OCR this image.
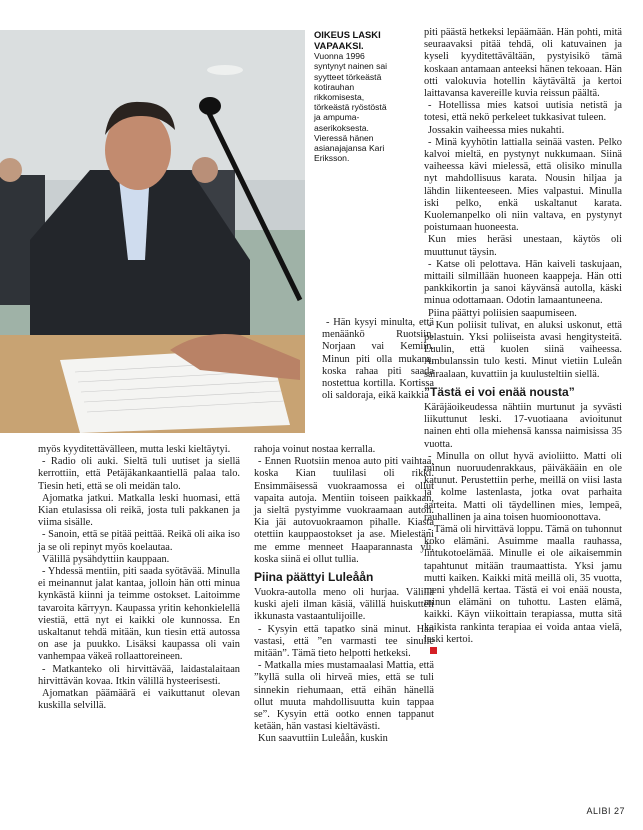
OIKEUS LASKI VAPAAKSI.
Vuonna 1996 syntynyt nainen sai syytteet törkeästä kotirauhan rikkomisesta, törkeästä ryöstöstä ja ampuma-aserikoksesta. Vieressä hänen asianajajansa Kari Eriksson.

- Hän kysyi minulta, että menäänkö Ruotsiin, Norjaan vai Kemiin. Minun piti olla mukana, koska rahaa piti saada nostettua kortilla. Kortissa oli saldoraja, eikä kaikkia

myös kyyditettävälleen, mutta leski kieltäytyi.

- Radio oli auki. Sieltä tuli uutiset ja siellä kerrottiin, että Petäjäkankaantiellä palaa talo. Tiesin heti, että se oli meidän talo.

Ajomatka jatkui. Matkalla leski huomasi, että Kian etulasissa oli reikä, josta tuli pakkanen ja viima sisälle.

- Sanoin, että se pitää peittää. Reikä oli aika iso ja se oli repinyt myös koelautaa.

Välillä pysähdyttiin kauppaan.

- Yhdessä mentiin, piti saada syötävää. Minulla ei meinannut jalat kantaa, jolloin hän otti minua kynkästä kiinni ja teimme ostokset. Laitoimme tavaroita kärryyn. Kaupassa yritin kehonkielellä viestiä, että nyt ei kaikki ole kunnossa. En uskaltanut tehdä mitään, kun tiesin että autossa on ase ja puukko. Lisäksi kaupassa oli vain vanhempaa väkeä rollaattoreineen.

- Matkanteko oli hirvittävää, laidastalaitaan hirvittävän kovaa. Itkin välillä hysteerisesti.

Ajomatkan päämäärä ei vaikuttanut olevan kuskilla selvillä.

rahoja voinut nostaa kerralla.

- Ennen Ruotsiin menoa auto piti vaihtaa, koska Kian tuulilasi oli rikki. Ensimmäisessä vuokraamossa ei ollut vapaita autoja. Mentiin toiseen paikkaan, ja sieltä pystyimme vuokraamaan auton. Kia jäi autovuokraamon pihalle. Kiasta otettiin kauppaostokset ja ase. Mielestäni me emme menneet Haaparannasta yli, koska siinä ei ollut tullia.

Piina päättyi Luleåån

Vuokra-autolla meno oli hurjaa. Välillä kuski ajeli ilman käsiä, välillä huiskutteli ikkunasta vastaantulijoille.

- Kysyin että tapatko sinä minut. Hän vastasi, että ”en varmasti tee sinulle mitään”. Tämä tieto helpotti hetkeksi.

- Matkalla mies mustamaalasi Mattia, että ”kyllä sulla oli hirveä mies, että se tuli sinnekin riehumaan, että eihän hänellä ollut muuta mahdollisuutta kuin tappaa se”. Kysyin että ootko ennen tappanut ketään, hän vastasi kieltävästi.

Kun saavuttiin Luleåån, kuskin

piti päästä hetkeksi lepäämään. Hän pohti, mitä seuraavaksi pitää tehdä, oli katuvainen ja kyseli kyyditettävältään, pystyisikö tämä koskaan antamaan anteeksi hänen tekoaan. Hän otti valokuvia hotellin käytävältä ja kertoi laittavansa kavereille kuvia reissun päältä.

- Hotellissa mies katsoi uutisia netistä ja totesi, että nekö perkeleet tukkasivat tuleen.

Jossakin vaiheessa mies nukahti.

- Minä kyyhötin lattialla seinää vasten. Pelko kalvoi mieltä, en pystynyt nukkumaan. Siinä vaiheessa kävi mielessä, että olisiko minulla nyt mahdollisuus karata. Nousin hiljaa ja lähdin liikenteeseen. Mies valpastui. Minulla iski pelko, enkä uskaltanut karata. Kuolemanpelko oli niin valtava, en pystynyt poistumaan huoneesta.

Kun mies heräsi unestaan, käytös oli muuttunut täysin.

- Katse oli pelottava. Hän kaiveli taskujaan, mittaili silmillään huoneen kaappeja. Hän otti pankkikortin ja sanoi käyvänsä autolla, käski minua odottamaan. Odotin lamaantuneena.

Piina päättyi poliisien saapumiseen.

- Kun poliisit tulivat, en aluksi uskonut, että pelastuin. Yksi poliiseista avasi hengitysteitä. Luulin, että kuolen siinä vaiheessa. Ambulanssin tulo kesti. Minut vietiin Luleån sairaalaan, kuvattiin ja kuulusteltiin siellä.

”Tästä ei voi enää nousta”

Käräjäoikeudessa nähtiin murtunut ja syvästi liikuttunut leski. 17-vuotiaana avioitunut nainen ehti olla miehensä kanssa naimisissa 35 vuotta.

- Minulla on ollut hyvä avioliitto. Matti oli minun nuoruudenrakkaus, päiväkääin en ole katunut. Perustettiin perhe, meillä on viisi lasta ja kolme lastenlasta, jotka ovat parhaita aarteita. Matti oli täydellinen mies, lempeä, rauhallinen ja aina toisen huomioonottava.

- Tämä oli hirvittävä loppu. Tämä on tuhonnut koko elämäni. Asuimme maalla rauhassa, lintukotoelämää. Minulle ei ole aikaisemmin tapahtunut mitään traumaattista. Yksi jamu mutti kaiken. Kaikki mitä meillä oli, 35 vuotta, meni yhdellä kertaa. Tästä ei voi enää nousta, minun elämäni on tuhottu. Lasten elämä, kaikki. Käyn viikoittain terapiassa, mutta sitä kaikista rankinta terapiaa ei voida antaa vielä, leski kertoi.

ALIBI 27
